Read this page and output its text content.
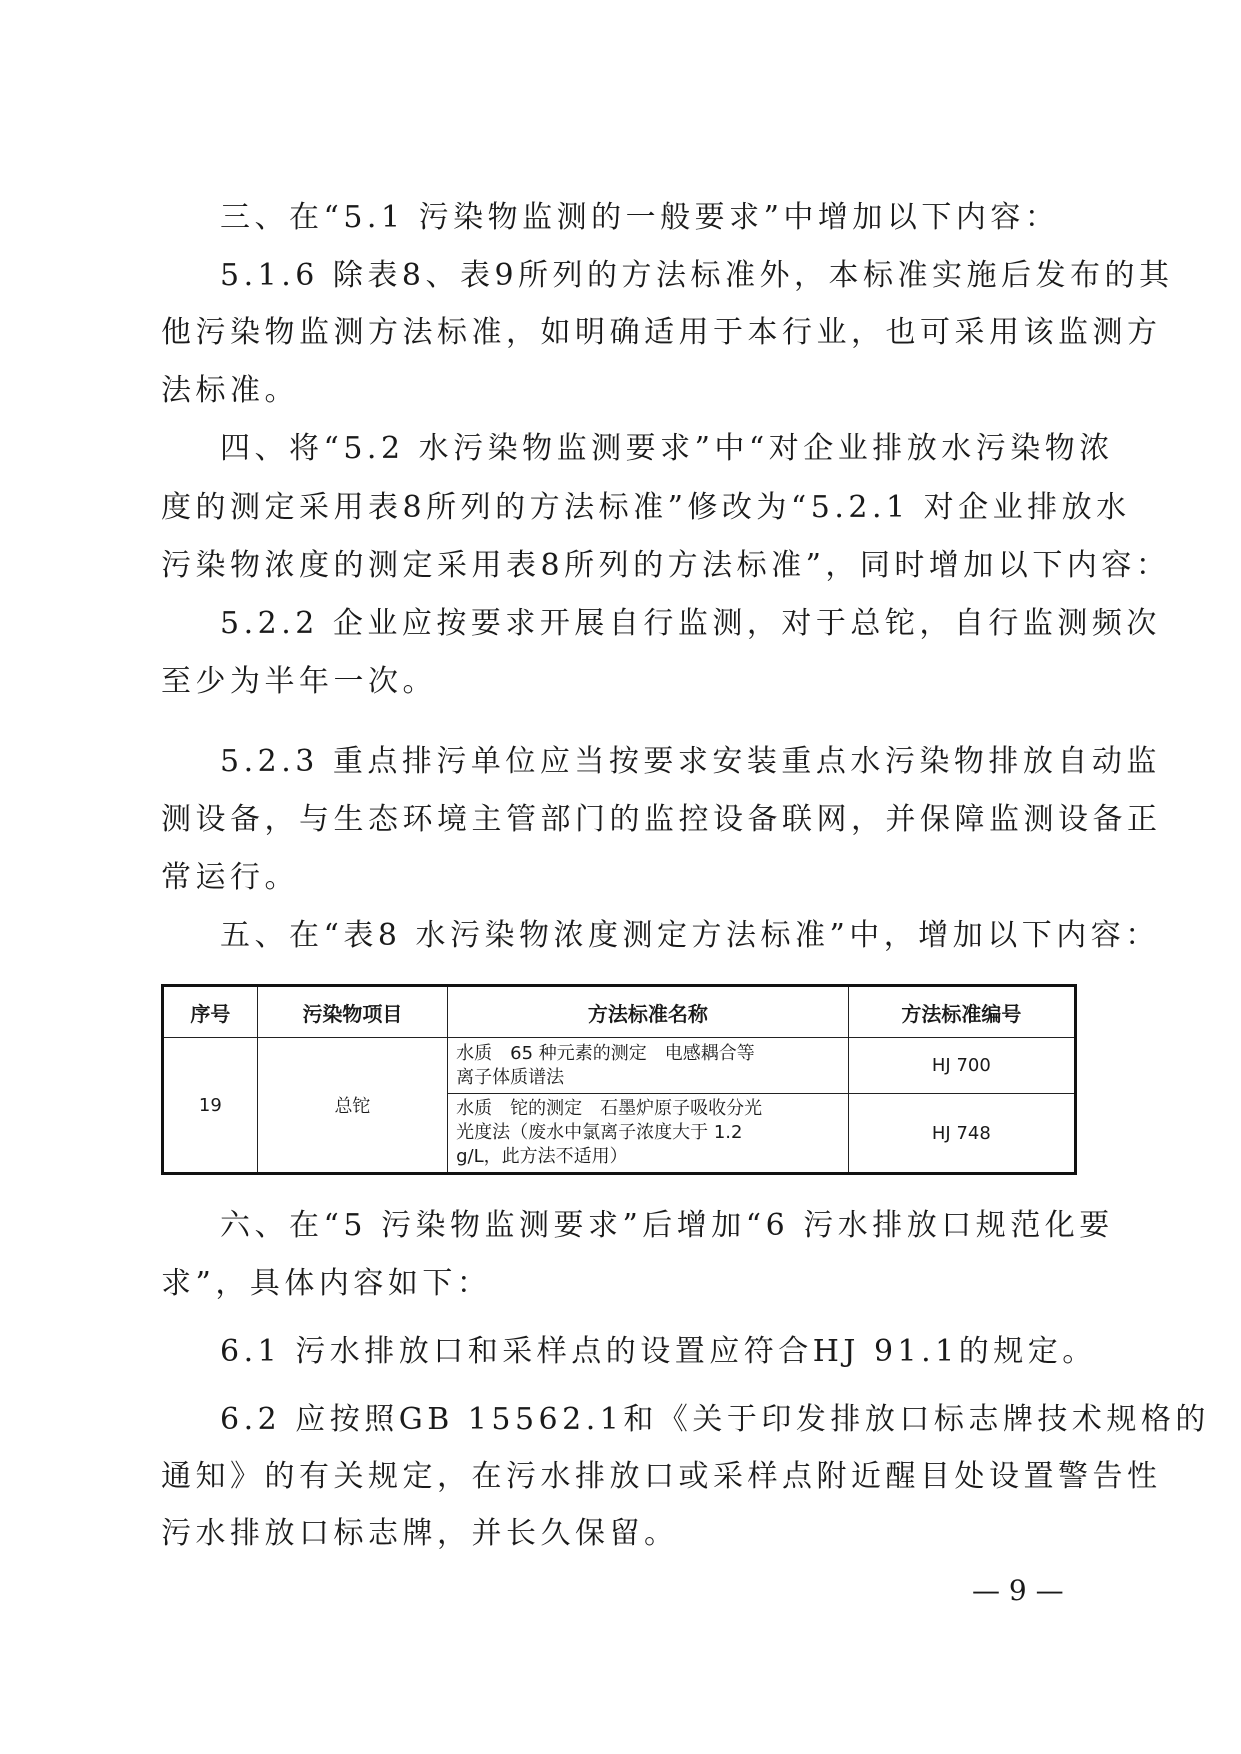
三、在“5.1 污染物监测的一般要求”中增加以下内容：
5.1.6 除表8、表9所列的方法标准外，本标准实施后发布的其
他污染物监测方法标准，如明确适用于本行业，也可采用该监测方
法标准。
四、将“5.2 水污染物监测要求”中“对企业排放水污染物浓
度的测定采用表8所列的方法标准”修改为“5.2.1 对企业排放水
污染物浓度的测定采用表8所列的方法标准”，同时增加以下内容：
5.2.2 企业应按要求开展自行监测，对于总铊，自行监测频次
至少为半年一次。
5.2.3 重点排污单位应当按要求安装重点水污染物排放自动监
测设备，与生态环境主管部门的监控设备联网，并保障监测设备正
常运行。
五、在“表8 水污染物浓度测定方法标准”中，增加以下内容：
序号	污染物项目	方法标准名称	方法标准编号
19	总铊	水质　65 种元素的测定　电感耦合等
离子体质谱法	HJ 700

		水质　铊的测定　石墨炉原子吸收分光
光度法（废水中氯离子浓度大于 1.2
g/L，此方法不适用）	HJ 748
六、在“5 污染物监测要求”后增加“6 污水排放口规范化要
求”，具体内容如下：
6.1 污水排放口和采样点的设置应符合HJ 91.1的规定。
6.2 应按照GB 15562.1和《关于印发排放口标志牌技术规格的
通知》的有关规定，在污水排放口或采样点附近醒目处设置警告性
污水排放口标志牌，并长久保留。
— 9 —
